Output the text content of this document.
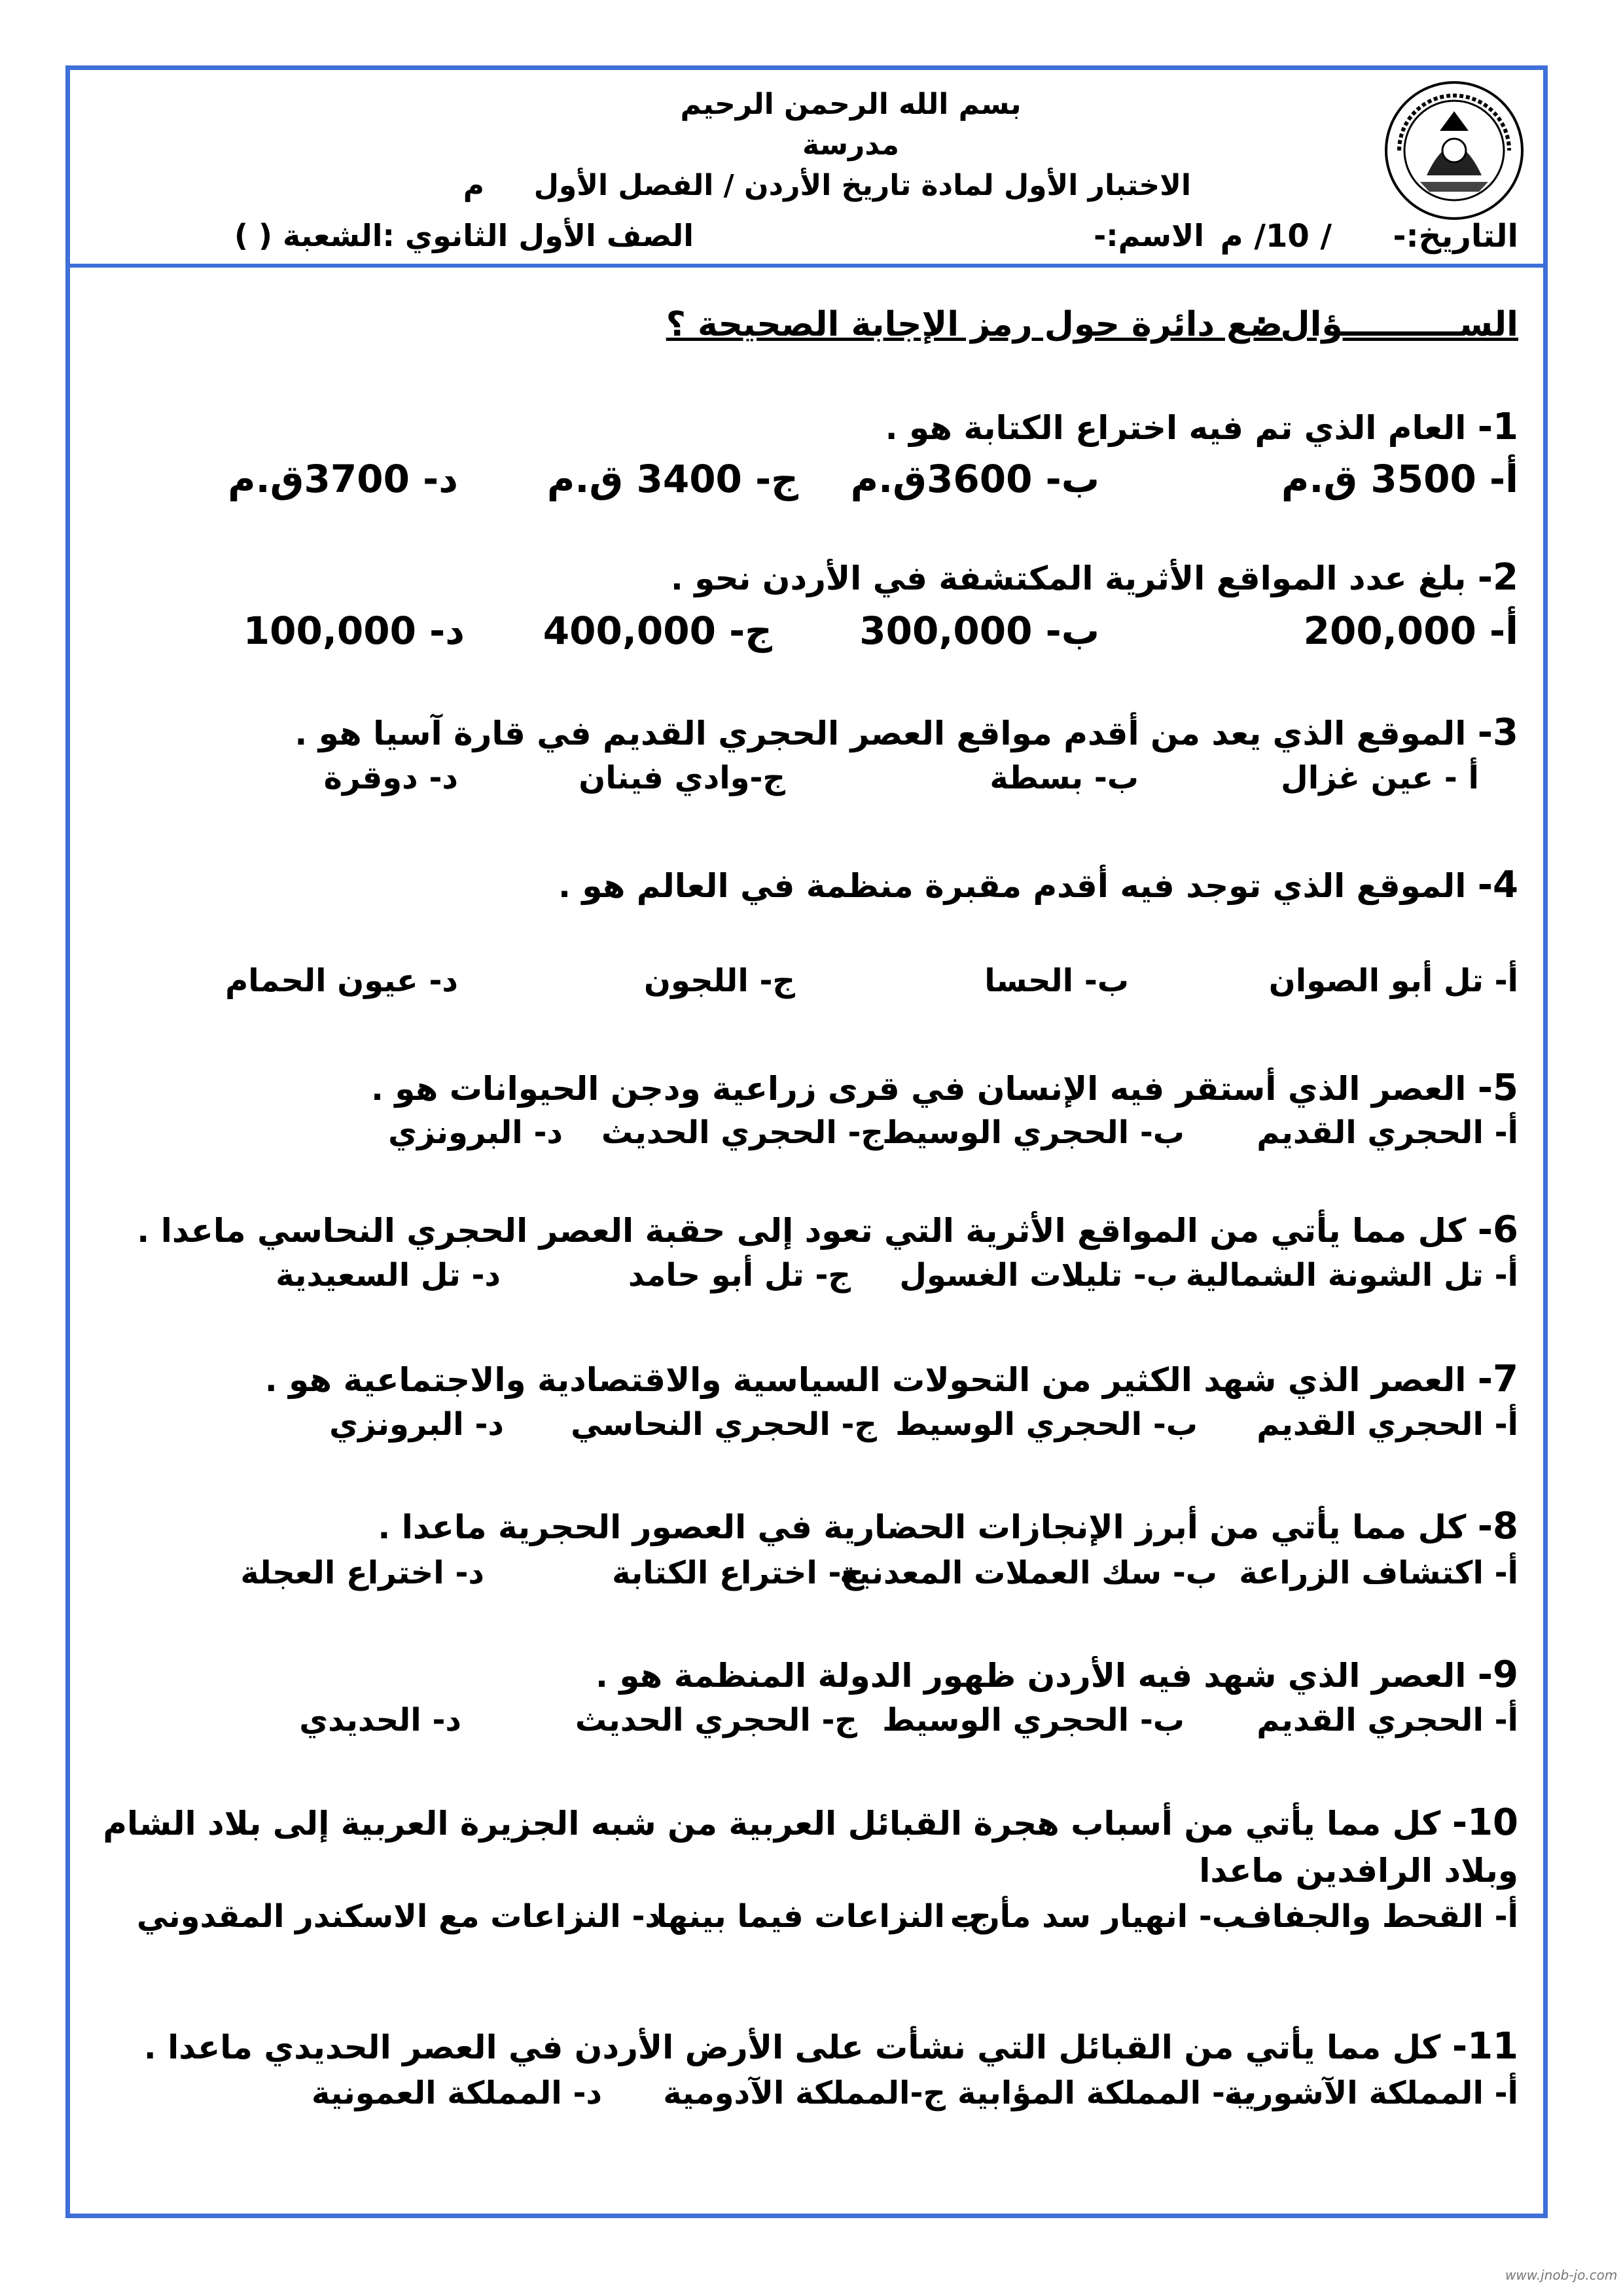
بسم الله الرحمن الرحيم
مدرسة
الاختبار الأول لمادة تاريخ الأردن / الفصل الأول
م
التاريخ:-
/ 10/ م
الاسم:-
الصف الأول الثانوي :الشعبة ( )
الســــــــــؤال :
ضع دائرة حول رمز الإجابة الصحيحة ؟
1- العام الذي تم فيه اختراع الكتابة هو .
أ- 3500 ق.م
ب- 3600ق.م
ج- 3400 ق.م
د- 3700ق.م
2- بلغ عدد المواقع الأثرية المكتشفة في الأردن نحو .
أ- 200,000
ب- 300,000
ج- 400,000
د- 100,000
3- الموقع الذي يعد من أقدم مواقع العصر الحجري القديم في قارة آسيا هو .
أ - عين غزال
ب- بسطة
ج-وادي فينان
د- دوقرة
4- الموقع الذي توجد فيه أقدم مقبرة منظمة في العالم هو .
أ- تل أبو الصوان
ب- الحسا
ج- اللجون
د- عيون الحمام
5- العصر الذي أستقر فيه الإنسان في قرى زراعية ودجن الحيوانات هو .
أ- الحجري القديم
ب- الحجري الوسيط
ج- الحجري الحديث
د- البرونزي
6- كل مما يأتي من المواقع الأثرية التي تعود إلى حقبة العصر الحجري النحاسي ماعدا .
أ- تل الشونة الشمالية
ب- تليلات الغسول
ج- تل أبو حامد
د- تل السعيدية
7- العصر الذي شهد الكثير من التحولات السياسية والاقتصادية والاجتماعية هو .
أ- الحجري القديم
ب- الحجري الوسيط
ج- الحجري النحاسي
د- البرونزي
8- كل مما يأتي من أبرز الإنجازات الحضارية في العصور الحجرية ماعدا .
أ- اكتشاف الزراعة
ب- سك العملات المعدنية
ج- اختراع الكتابة
د- اختراع العجلة
9- العصر الذي شهد فيه الأردن ظهور الدولة المنظمة هو .
أ- الحجري القديم
ب- الحجري الوسيط
ج- الحجري الحديث
د- الحديدي
10- كل مما يأتي من أسباب هجرة القبائل العربية من شبه الجزيرة العربية إلى بلاد الشام وبلاد الرافدين ماعدا
أ- القحط والجفاف
ب- انهيار سد مأرب
ج- النزاعات فيما بينها
د- النزاعات مع الاسكندر المقدوني
11- كل مما يأتي من القبائل التي نشأت على الأرض الأردن في العصر الحديدي ماعدا .
أ- المملكة الآشورية
ب- المملكة المؤابية
ج-المملكة الآدومية
د- المملكة العمونية
www.jnob-jo.com
